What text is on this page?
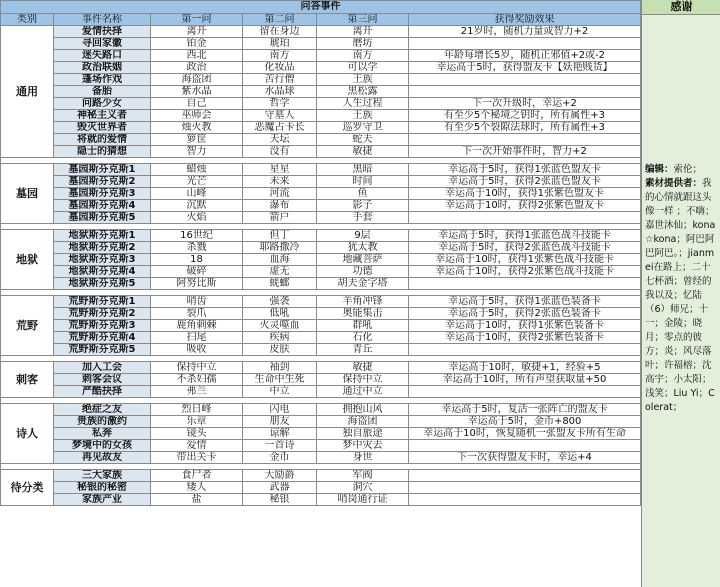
问答事件					
类别	事件名称	第一问	第二问	第三问	获得奖励效果
通用	爱情抉择	离开	留在身边	离开	21岁时，随机力量或智力+2
	寻回家徽	铂金	琥珀	磨坊	
	迷失路口	西北	南方	南方	年龄每增长5岁，随机正邪值+2或-2
	政治联姻	政治	化妆品	可以学	幸运高于5时，获得盟友卡【妖艳贱货】
	蓬场作戏	海盗团	苦行僧	王族	
	备胎	紫水晶	水晶球	黑松露	
	问路少女	自己	哲学	人生过程	下一次升级时，幸运+2
	神秘主义者	巫师会	守墓人	王族	有至少5个秘境之钥时，所有属性+3
	毁灭世界者	烛火教	恶魔占卡长	巡罗守卫	有至少5个裂隙法球时，所有属性+3
	将就的爱情	箩筐	天坛	蛇夫	
	隐士的猜想	智力	没有	敏捷	下一次开始事件时，智力+2

墓园	墓园斯芬克斯1	蜡烛	星星	黑暗	幸运高于5时，获得1张蓝色盟友卡
	墓园斯芬克斯2	光芒	未来	时间	幸运高于5时，获得2张蓝色盟友卡
	墓园斯芬克斯3	山峰	河流	鱼	幸运高于10时，获得1张紫色盟友卡
	墓园斯芬克斯4	沉默	瀑布	影子	幸运高于10时，获得2张紫色盟友卡
	墓园斯芬克斯5	火焰	箭户	手套	

地狱	地狱斯芬克斯1	16世纪	但丁	9层	幸运高于5时，获得1张蓝色战斗技能卡
	地狱斯芬克斯2	杀戮	耶路撒冷	犹太教	幸运高于5时，获得2张蓝色战斗技能卡
	地狱斯芬克斯3	18	血海	地藏菩萨	幸运高于10时，获得1张紫色战斗技能卡
	地狱斯芬克斯4	破碎	虚无	功德	幸运高于10时，获得2张紫色战斗技能卡
	地狱斯芬克斯5	阿努比斯	蜣螂	胡夫金字塔	

荒野	荒野斯芬克斯1	哨齿	强袭	羊角冲锋	幸运高于5时，获得1张蓝色装备卡
	荒野斯芬克斯2	裂爪	低吼	奥能集击	幸运高于5时，获得2张蓝色装备卡
	荒野斯芬克斯3	鹿角刺棘	火灵噬血	群吼	幸运高于10时，获得1张紫色装备卡
	荒野斯芬克斯4	扫尾	疾病	石化	幸运高于10时，获得2张紫色装备卡
	荒野斯芬克斯5	吸收	皮肤	青丘	

刺客	加入工会	保持中立	袖剑	敏捷	幸运高于10时，敏捷+1，经验+5
	刺客会议	不杀妇孺	生命中生死	保持中立	幸运高于10时，所有声望获取量+50
	严酷抉择	弗兰	中立	通过中立	

诗人	绝症之友	烈日峰	闪电	拥抱山风	幸运高于5时，复活一张阵亡的盟友卡
	贵族的激约	乐章	朋友	海盗团	幸运高于5时，金币+800
	私奔	镜头	谅解	独自旅途	幸运高于10时，恢复随机一张盟友卡所有生命
	梦境中的女孩	爱情	一首诗	梦中灾去	
	再见故友	带出关卡	金币	身世	下一次获得盟友卡时，幸运+4

待分类	三大家族	食尸者	大励爵	军阀	
	秘银的秘密	矮人	武器	洞穴	
	家族产业	盐	秘银	哨岗通行证	
感谢
编辑：索伦；
素材提供者：我的心情就跟这头像一样 ；不嗨；嘉世沐仙；kona☆kona；阿巴阿巴阿巴。；jianmei在路上；二十七杯酒；曾经的我以及；忆陆（6）师兄；十一；金陵；晓月；零点的彼方；炎；风尽落叶；许福榕；沈高宇；小太阳；浅笑；Liu Yi；Colerat；
